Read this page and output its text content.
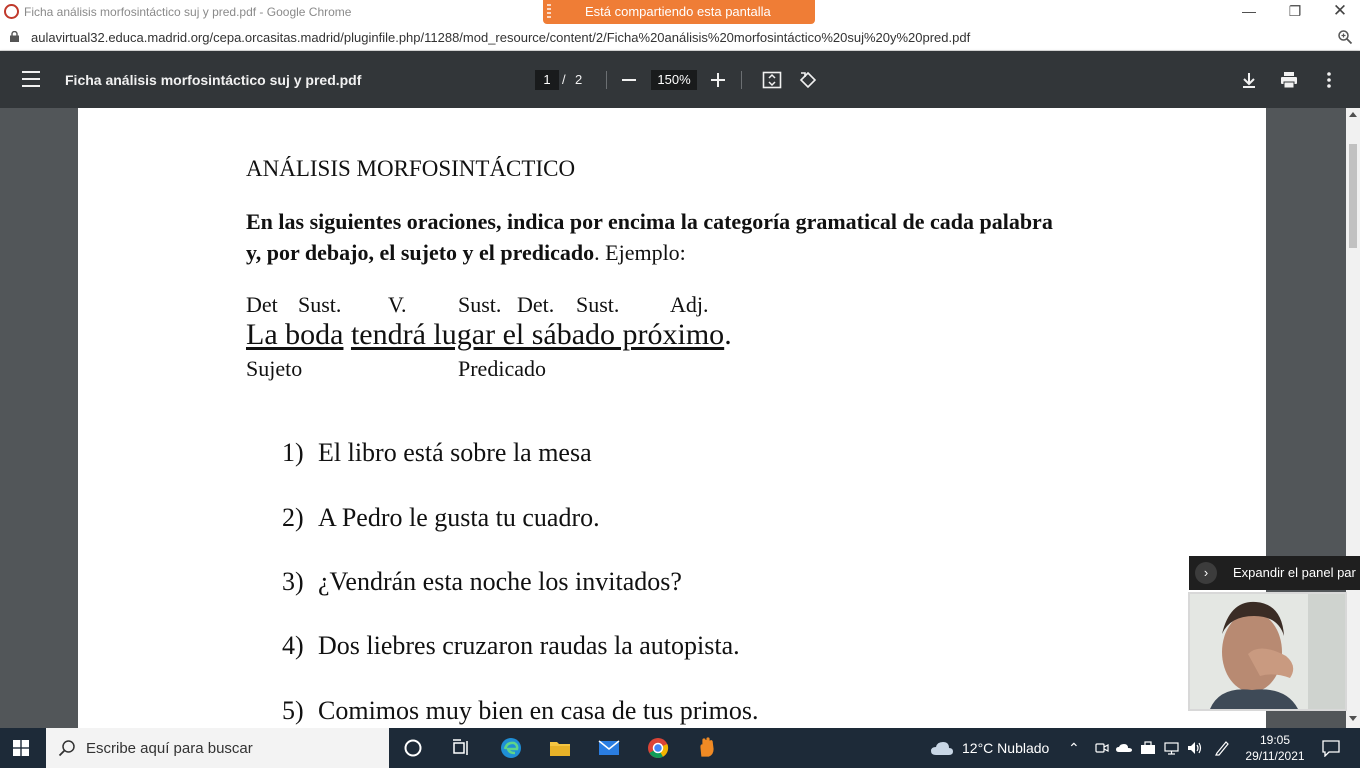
Ficha análisis morfosintáctico suj y pred.pdf - Google Chrome	Está compartiendo esta pantalla	—	❐	✕
aulavirtual32.educa.madrid.org/cepa.orcasitas.madrid/pluginfile.php/11288/mod_resource/content/2/Ficha%20análisis%20morfosintáctico%20suj%20y%20pred.pdf
Ficha análisis morfosintáctico suj y pred.pdf	1 / 2	150%
ANÁLISIS MORFOSINTÁCTICO
En las siguientes oraciones, indica por encima la categoría gramatical de cada palabra y, por debajo, el sujeto y el predicado. Ejemplo:
Det Sust. V. Sust. Det. Sust. Adj.
La boda tendrá lugar el sábado próximo.
Sujeto	Predicado
1) El libro está sobre la mesa
2) A Pedro le gusta tu cuadro.
3) ¿Vendrán esta noche los invitados?
4) Dos liebres cruzaron raudas la autopista.
5) Comimos muy bien en casa de tus primos.
›	Expandir el panel par
Escribe aquí para buscar	12°C Nublado ⌃	19:05
29/11/2021
